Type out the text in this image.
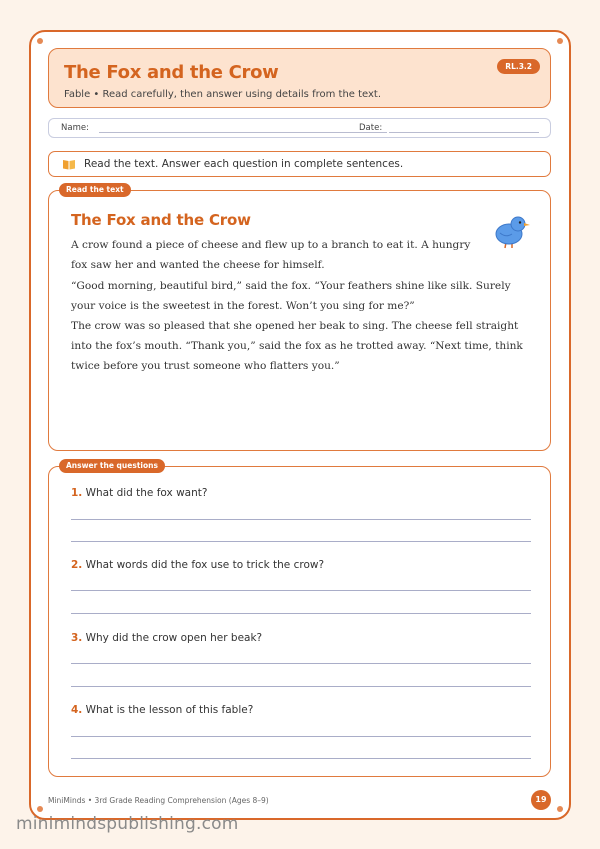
The Fox and the Crow
Fable • Read carefully, then answer using details from the text.
RL.3.2
Name:	Date:
Read the text. Answer each question in complete sentences.
Read the text
The Fox and the Crow

A crow found a piece of cheese and flew up to a branch to eat it. A hungry fox saw her and wanted the cheese for himself.

“Good morning, beautiful bird,” said the fox. “Your feathers shine like silk. Surely your voice is the sweetest in the forest. Won’t you sing for me?”

The crow was so pleased that she opened her beak to sing. The cheese fell straight into the fox’s mouth. “Thank you,” said the fox as he trotted away. “Next time, think twice before you trust someone who flatters you.”

Answer the questions
1. What did the fox want?
2. What words did the fox use to trick the crow?
3. Why did the crow open her beak?
4. What is the lesson of this fable?
MiniMinds • 3rd Grade Reading Comprehension (Ages 8–9)	19
minimindspublishing.com
